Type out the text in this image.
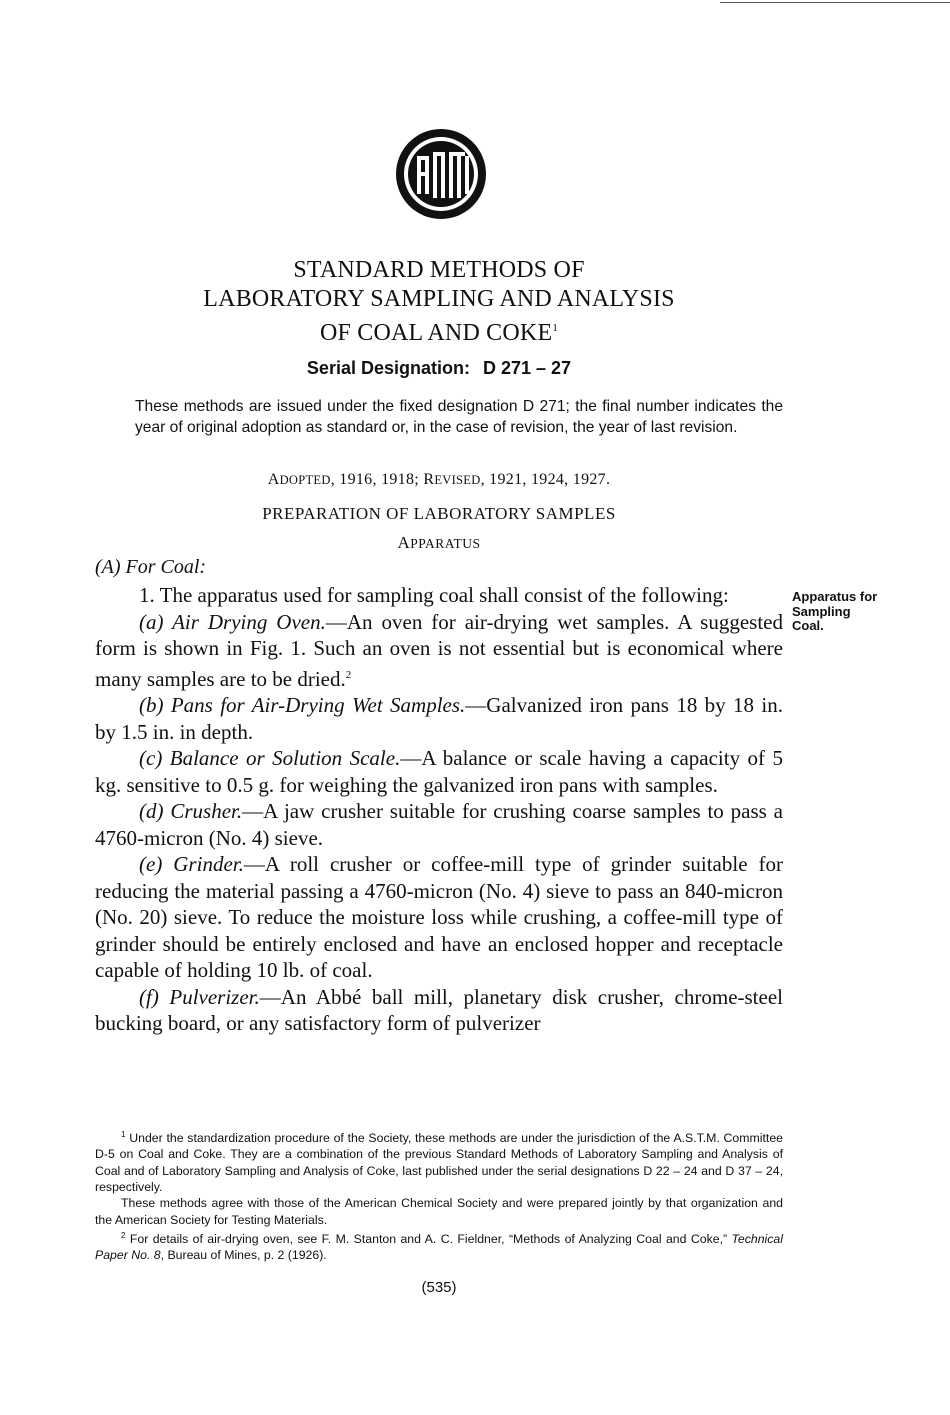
ASTM
STANDARD METHODS OF
LABORATORY SAMPLING AND ANALYSIS
OF COAL AND COKE$^1$
Serial Designation: D 271 – 27

These methods are issued under the fixed designation D 271; the final number indicates the year of original adoption as standard or, in the case of revision, the year of last revision.

ADOPTED, 1916, 1918; REVISED, 1921, 1924, 1927.
PREPARATION OF LABORATORY SAMPLES
APPARATUS
(A) For Coal:

1. The apparatus used for sampling coal shall consist of the following:

(a) Air Drying Oven.—An oven for air-drying wet samples. A suggested form is shown in Fig. 1. Such an oven is not essential but is economical where many samples are to be dried.$^2$

(b) Pans for Air-Drying Wet Samples.—Galvanized iron pans 18 by 18 in. by 1.5 in. in depth.

(c) Balance or Solution Scale.—A balance or scale having a capacity of 5 kg. sensitive to 0.5 g. for weighing the galvanized iron pans with samples.

(d) Crusher.—A jaw crusher suitable for crushing coarse samples to pass a 4760-micron (No. 4) sieve.

(e) Grinder.—A roll crusher or coffee-mill type of grinder suitable for reducing the material passing a 4760-micron (No. 4) sieve to pass an 840-micron (No. 20) sieve. To reduce the moisture loss while crushing, a coffee-mill type of grinder should be entirely enclosed and have an enclosed hopper and receptacle capable of holding 10 lb. of coal.

(f) Pulverizer.—An Abbé ball mill, planetary disk crusher, chrome-steel bucking board, or any satisfactory form of pulverizer

$^1$ Under the standardization procedure of the Society, these methods are under the jurisdiction of the A.S.T.M. Committee D-5 on Coal and Coke. They are a combination of the previous Standard Methods of Laboratory Sampling and Analysis of Coal and of Laboratory Sampling and Analysis of Coke, last published under the serial designations D 22 – 24 and D 37 – 24, respectively.

These methods agree with those of the American Chemical Society and were prepared jointly by that organization and the American Society for Testing Materials.

$^2$ For details of air-drying oven, see F. M. Stanton and A. C. Fieldner, “Methods of Analyzing Coal and Coke,” Technical Paper No. 8, Bureau of Mines, p. 2 (1926).

(535)
Apparatus for
Sampling
Coal.
